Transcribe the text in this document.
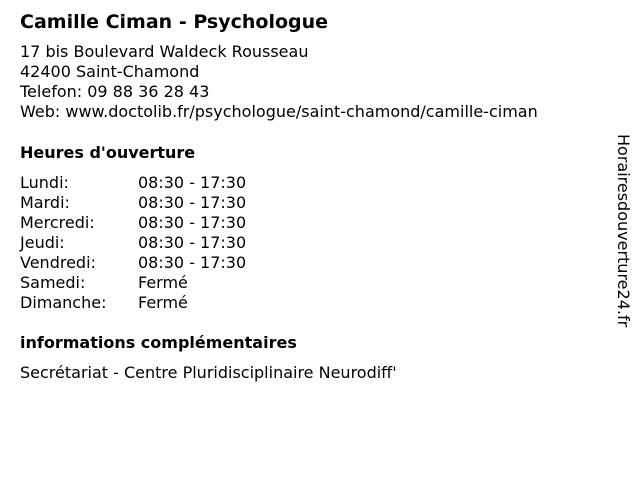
Camille Ciman - Psychologue
17 bis Boulevard Waldeck Rousseau
42400 Saint-Chamond
Telefon: 09 88 36 28 43
Web: www.doctolib.fr/psychologue/saint-chamond/camille-ciman
Heures d'ouverture
Lundi:	08:30 - 17:30
Mardi:	08:30 - 17:30
Mercredi:	08:30 - 17:30
Jeudi:	08:30 - 17:30
Vendredi:	08:30 - 17:30
Samedi:	Fermé
Dimanche:	Fermé
informations complémentaires
Secrétariat - Centre Pluridisciplinaire Neurodiff'
Horairesdouverture24.fr
